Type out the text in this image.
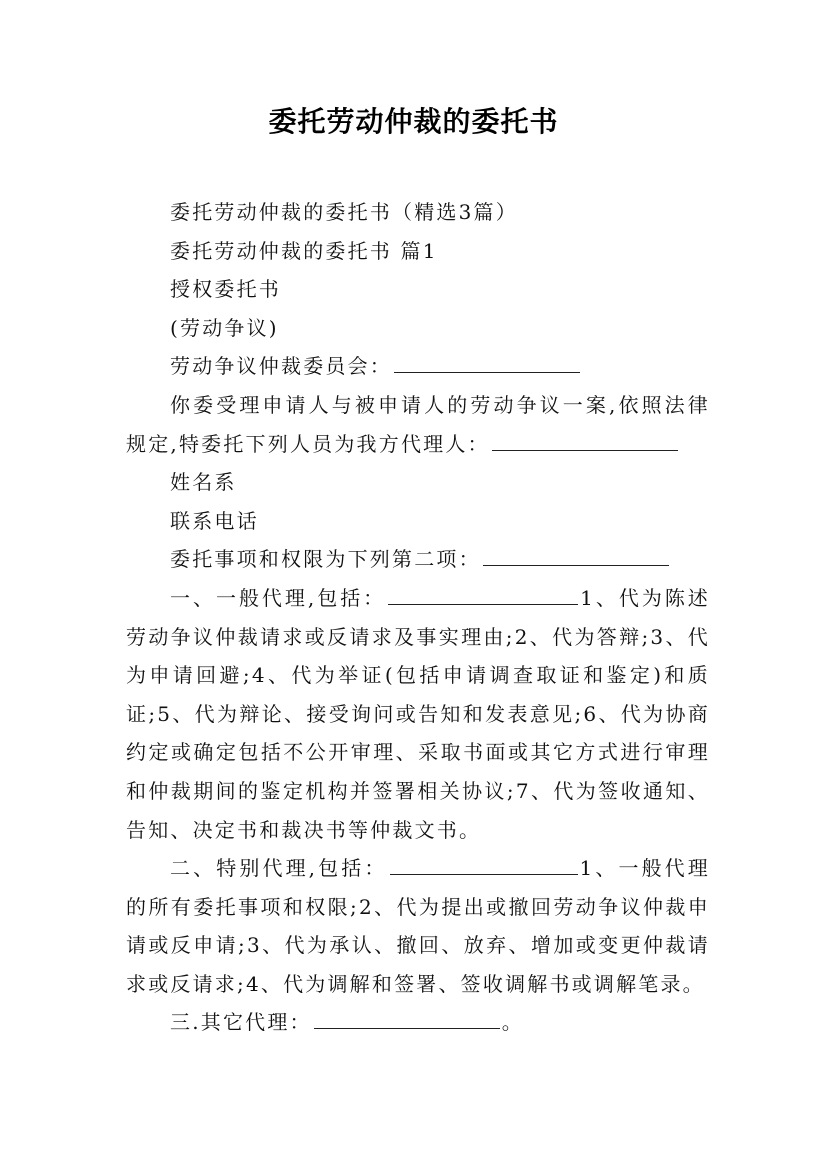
委托劳动仲裁的委托书

委托劳动仲裁的委托书（精选3篇）

委托劳动仲裁的委托书 篇1

授权委托书

(劳动争议)

劳动争议仲裁委员会：

你委受理申请人与被申请人的劳动争议一案,依照法律规定,特委托下列人员为我方代理人：

姓名系

联系电话

委托事项和权限为下列第二项：

一、一般代理,包括：	1、代为陈述劳动争议仲裁请求或反请求及事实理由;2、代为答辩;3、代为申请回避;4、代为举证(包括申请调查取证和鉴定)和质证;5、代为辩论、接受询问或告知和发表意见;6、代为协商约定或确定包括不公开审理、采取书面或其它方式进行审理和仲裁期间的鉴定机构并签署相关协议;7、代为签收通知、告知、决定书和裁决书等仲裁文书。

二、特别代理,包括：	1、一般代理的所有委托事项和权限;2、代为提出或撤回劳动争议仲裁申请或反申请;3、代为承认、撤回、放弃、增加或变更仲裁请求或反请求;4、代为调解和签署、签收调解书或调解笔录。

三.其它代理：	。
